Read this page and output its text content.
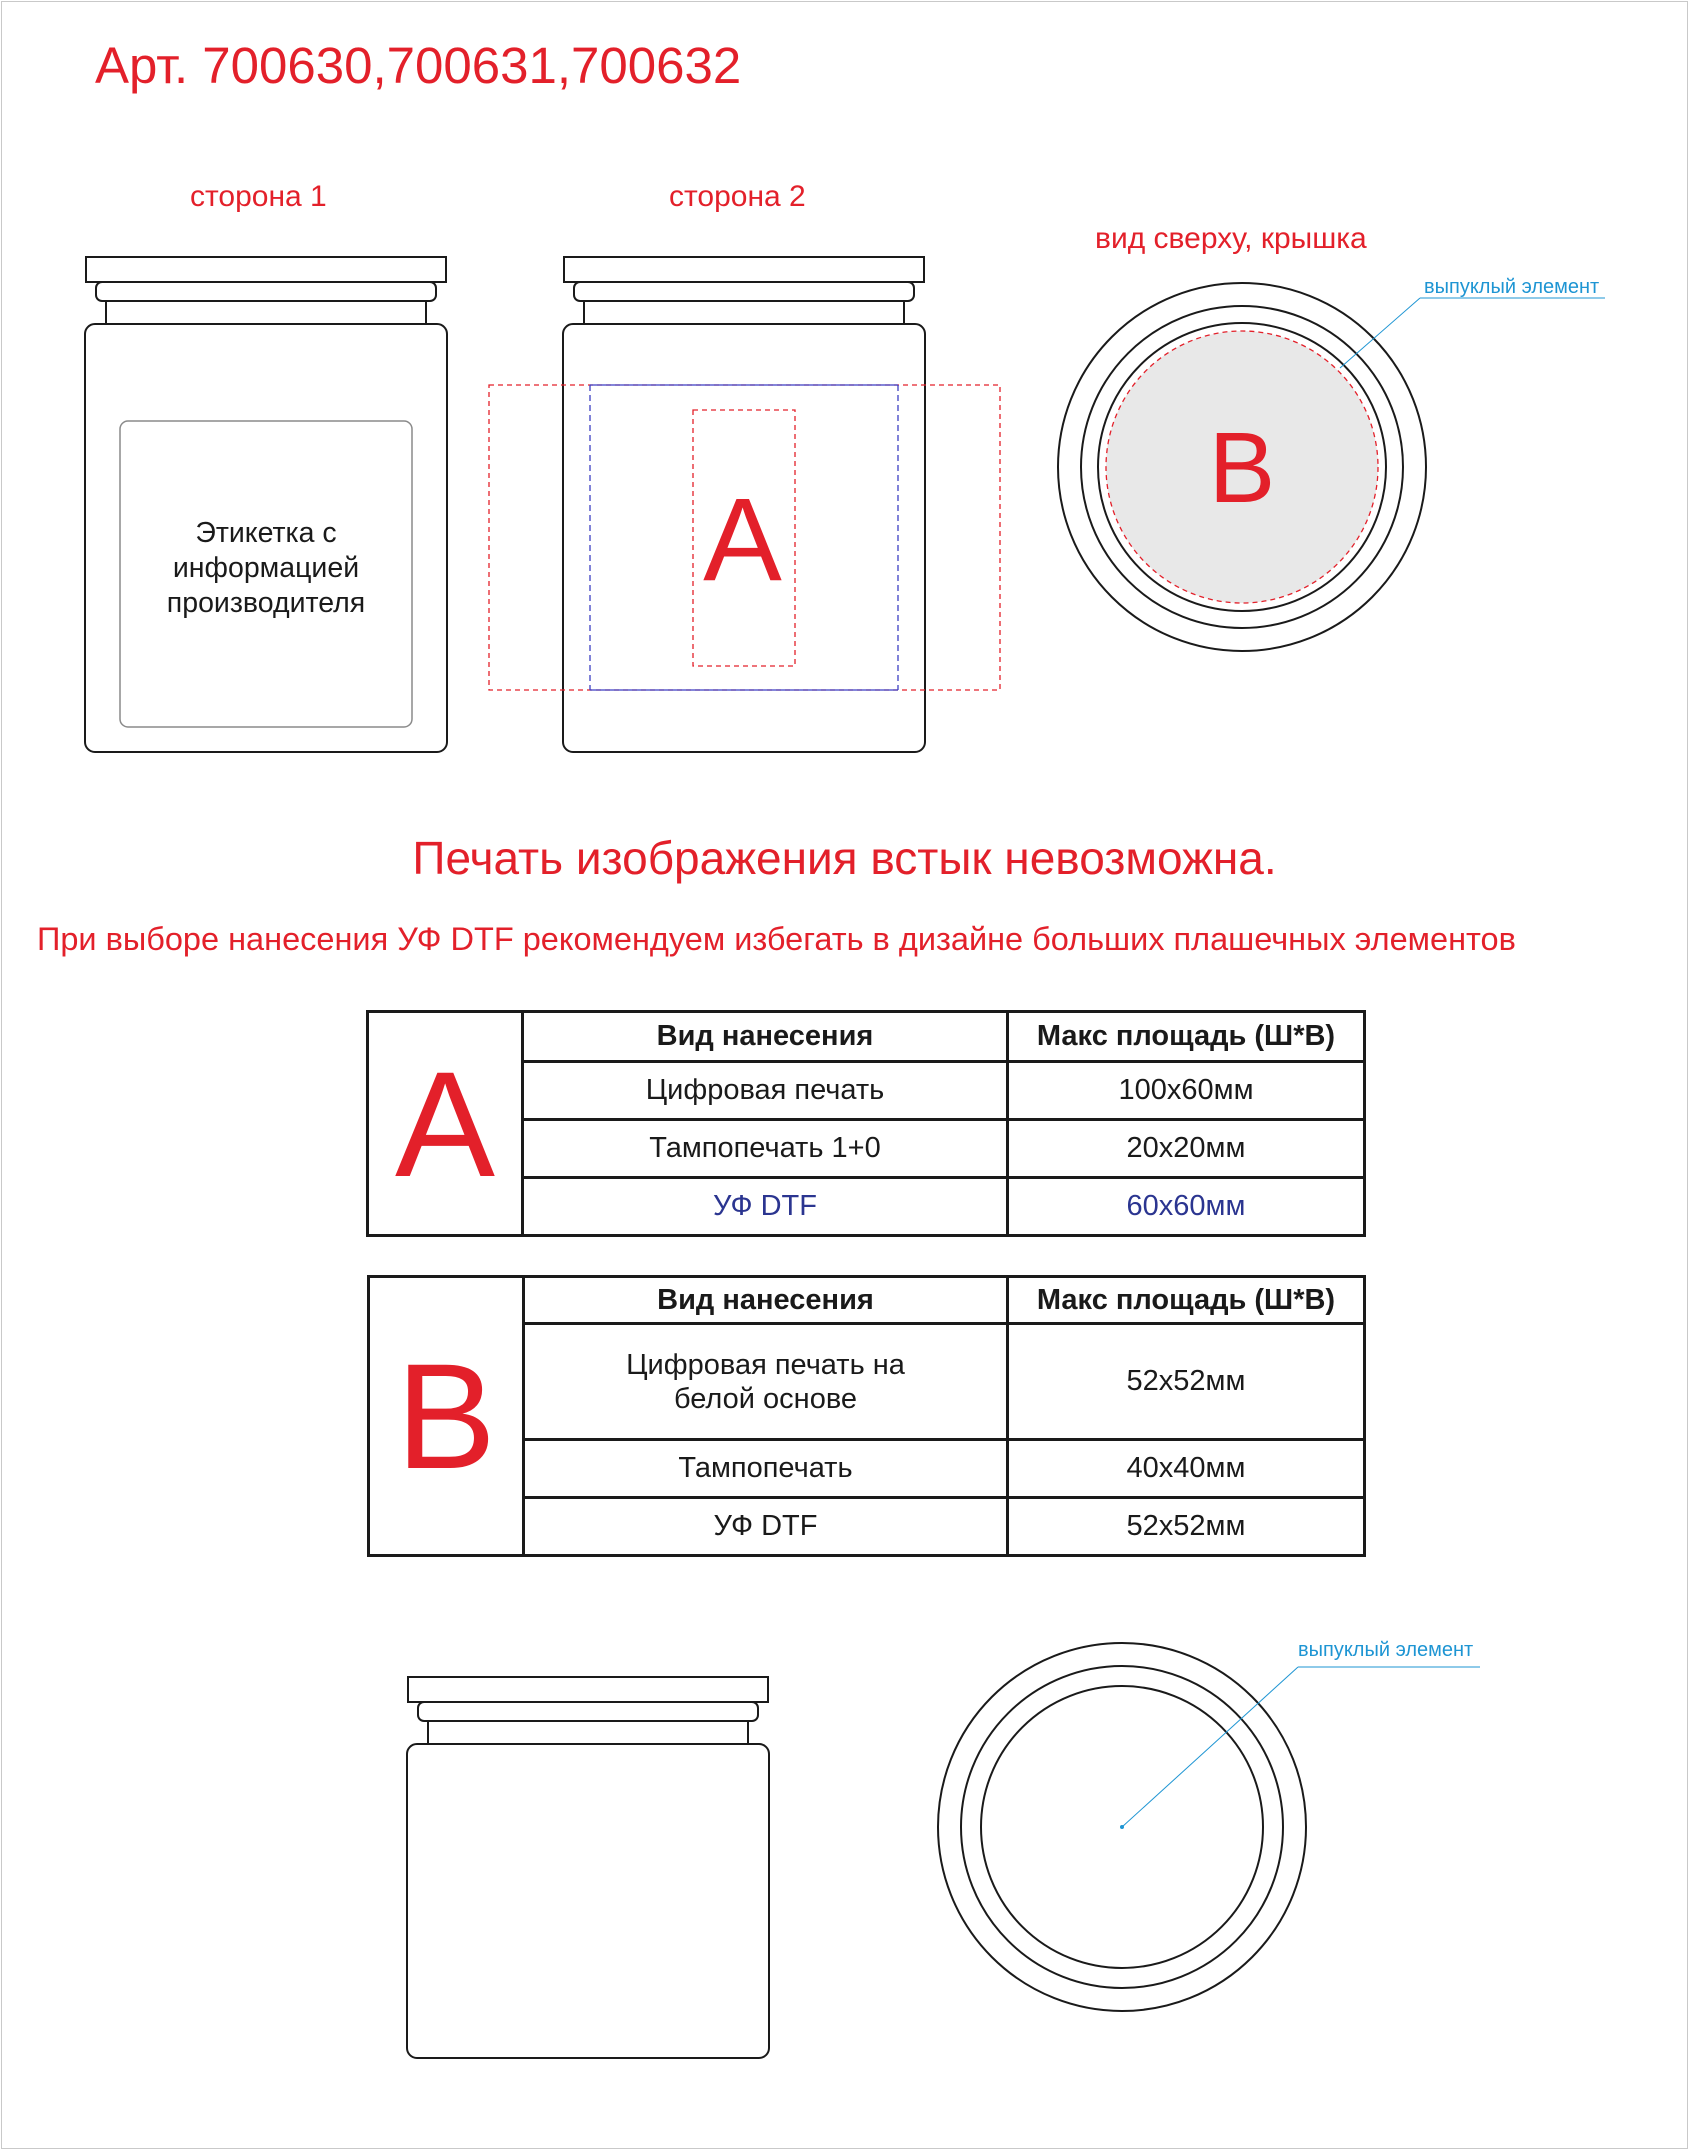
Арт. 700630,700631,700632
сторона 1	сторона 2
вид сверху, крышка
Этикетка с информацией производителя	A
B
выпуклый элемент
выпуклый элемент
Печать изображения встык невозможна.
При выборе нанесения УФ DTF рекомендуем избегать в дизайне больших плашечных элементов
A	Вид нанесения	Макс площадь (Ш*В)
	Цифровая печать	100x60мм
	Тампопечать 1+0	20x20мм
	УФ DTF	60x60мм
B	Вид нанесения	Макс площадь (Ш*В)
	Цифровая печать на белой основе	52x52мм
	Тампопечать	40x40мм
	УФ DTF	52x52мм
